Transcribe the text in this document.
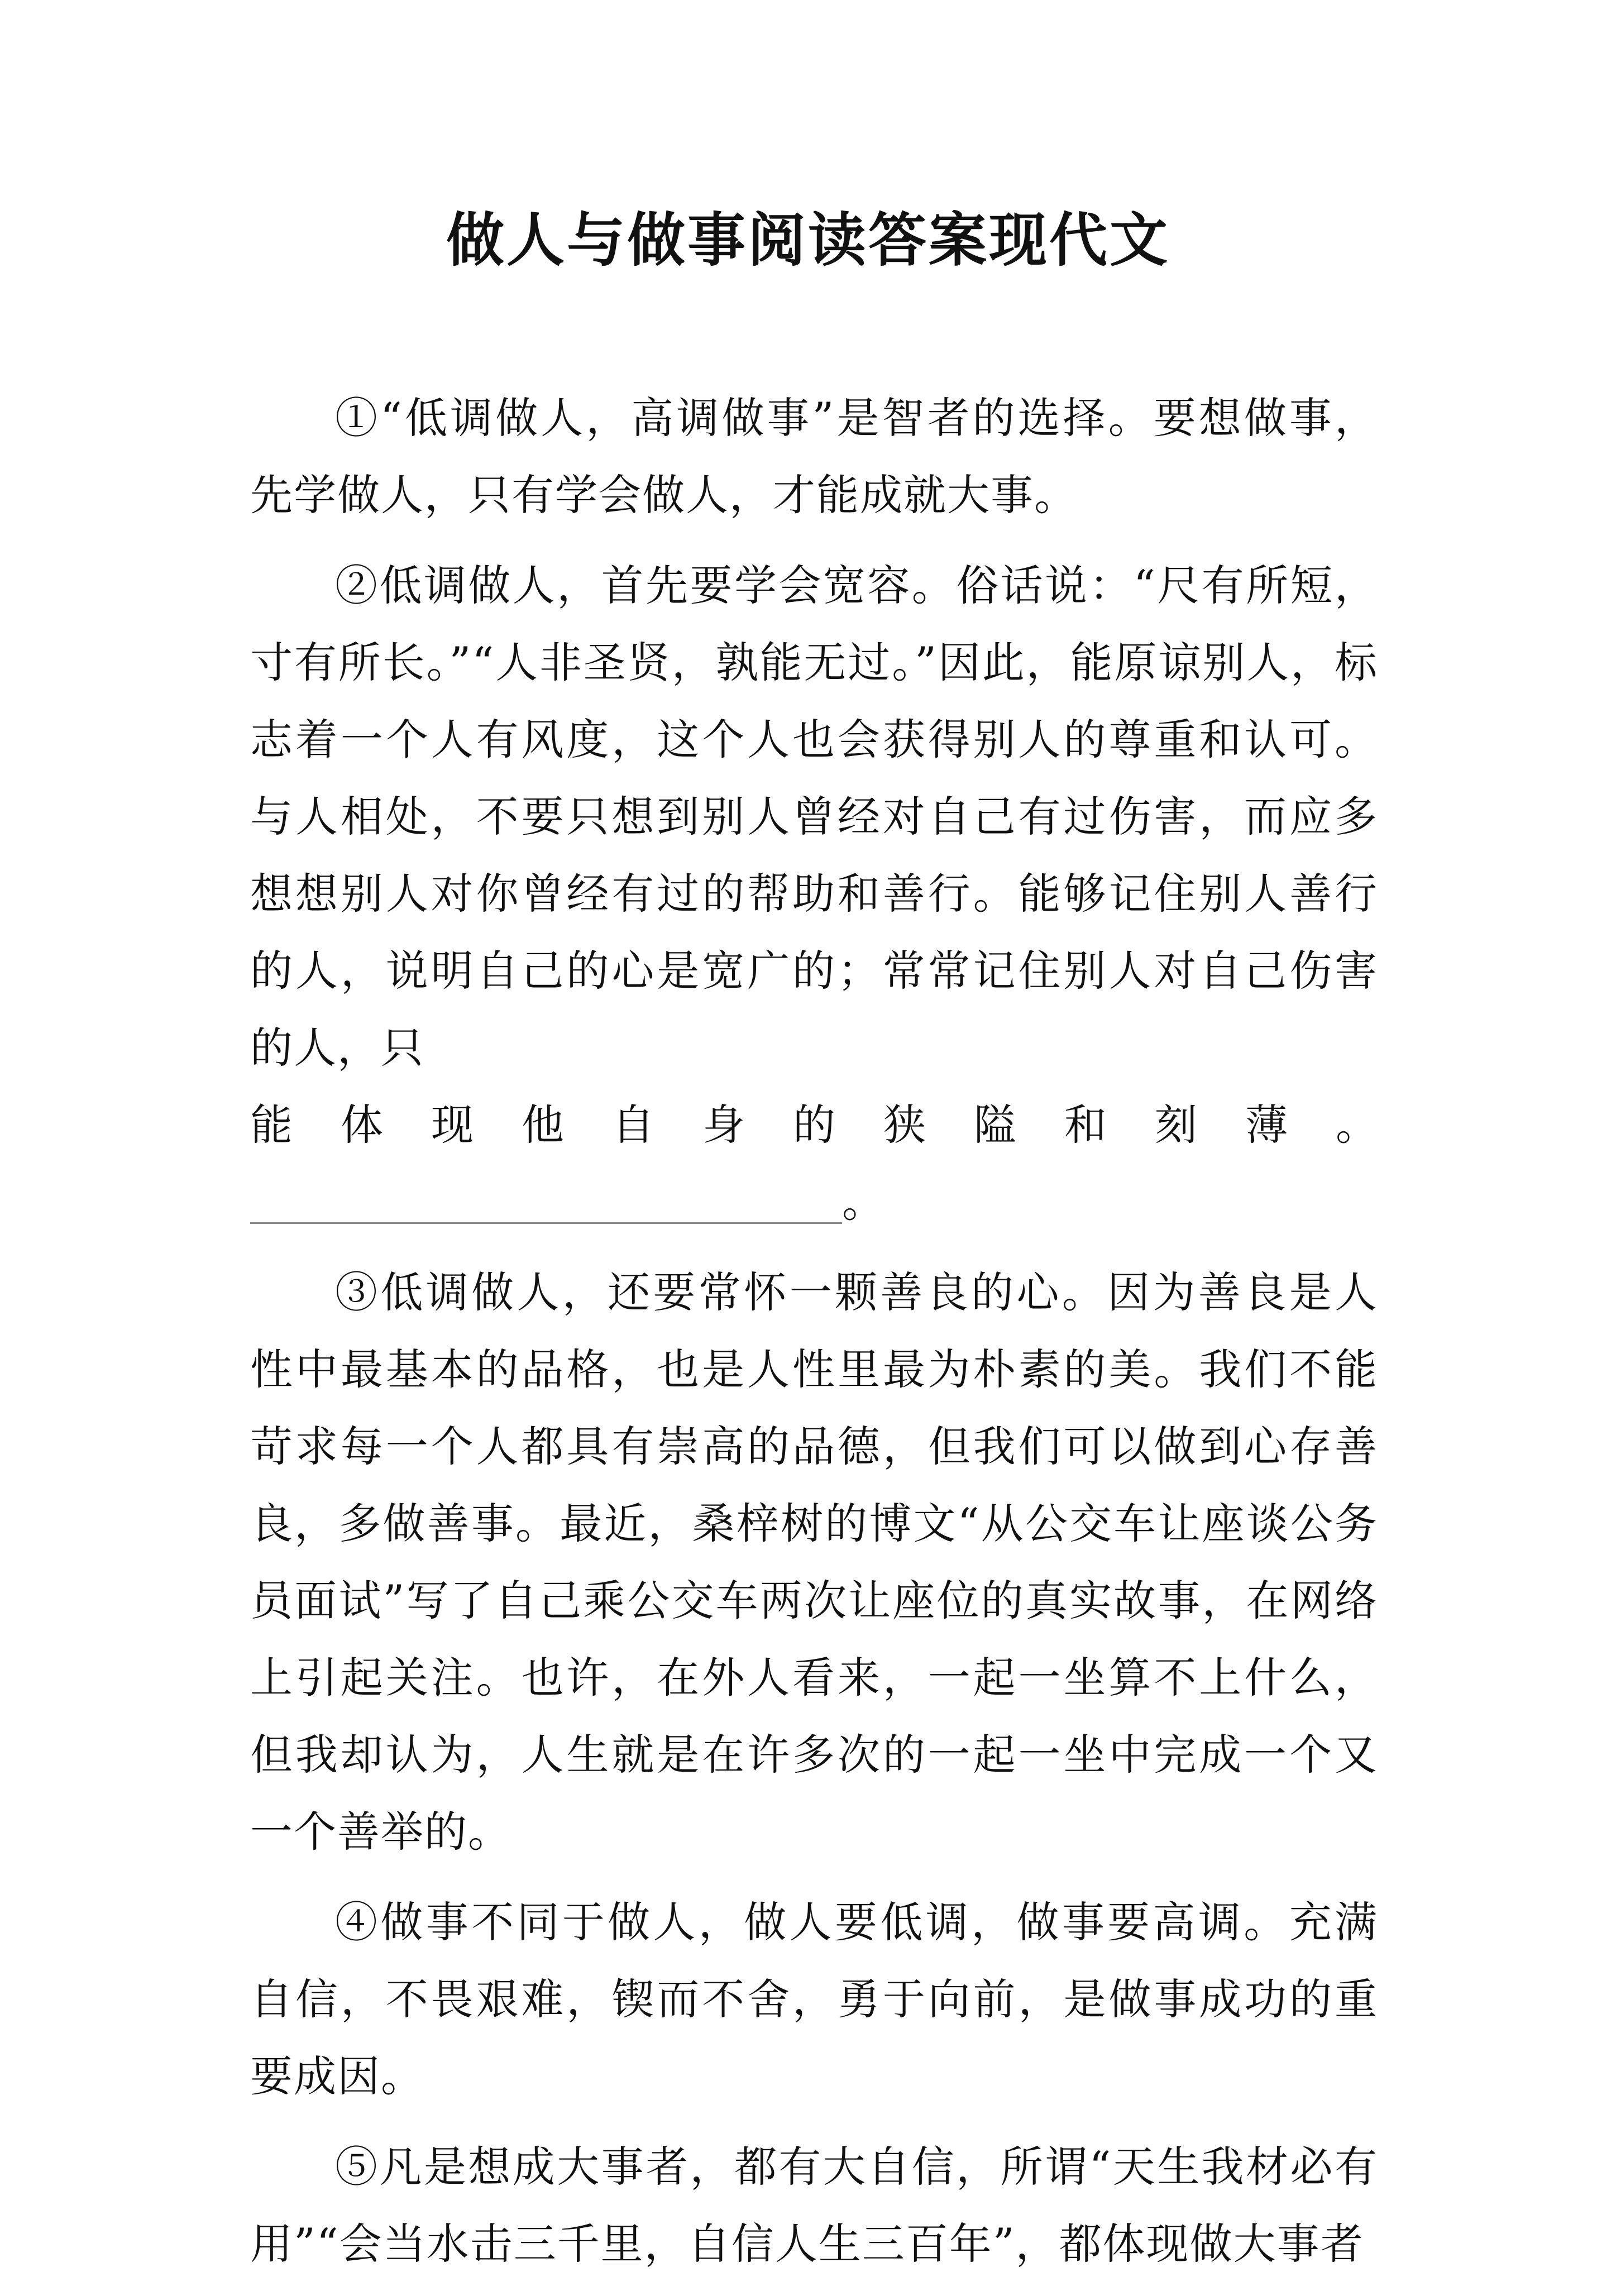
做人与做事阅读答案现代文

①“低调做人，高调做事”是智者的选择。要想做事，先学做人，只有学会做人，才能成就大事。

②低调做人，首先要学会宽容。俗话说：“尺有所短，寸有所长。”“人非圣贤，孰能无过。”因此，能原谅别人，标志着一个人有风度，这个人也会获得别人的尊重和认可。与人相处，不要只想到别人曾经对自己有过伤害，而应多想想别人对你曾经有过的帮助和善行。能够记住别人善行的人，说明自己的心是宽广的；常常记住别人对自己伤害的人，只

能 体 现 他 自 身 的 狭 隘 和 刻 薄 。
。

③低调做人，还要常怀一颗善良的心。因为善良是人性中最基本的品格，也是人性里最为朴素的美。我们不能苛求每一个人都具有崇高的品德，但我们可以做到心存善良，多做善事。最近，桑梓树的博文“从公交车让座谈公务员面试”写了自己乘公交车两次让座位的真实故事，在网络上引起关注。也许，在外人看来，一起一坐算不上什么，但我却认为，人生就是在许多次的一起一坐中完成一个又一个善举的。

④做事不同于做人，做人要低调，做事要高调。充满自信，不畏艰难，锲而不舍，勇于向前，是做事成功的重要成因。

⑤凡是想成大事者，都有大自信，所谓“天生我材必有用”“会当水击三千里，自信人生三百年”，都体现做大事者
